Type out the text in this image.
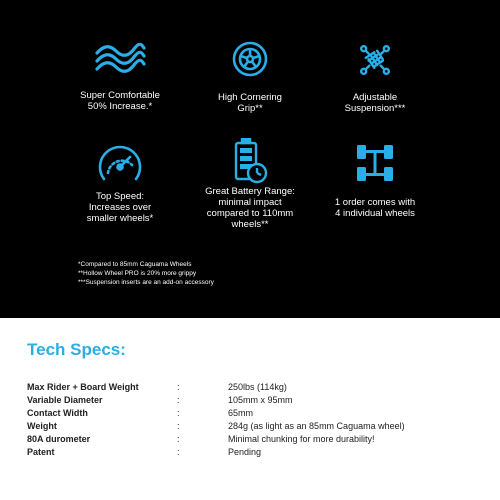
Super Comfortable
50% Increase.*
High Cornering
Grip**
Adjustable
Suspension***
Top Speed:
Increases over
smaller wheels*
Great Battery Range:
minimal impact
compared to 110mm
wheels**
1 order comes with
4 individual wheels
*Compared to 85mm Caguama Wheels
**Hollow Wheel PRO is 20% more grippy
***Suspension inserts are an add-on accessory
Tech Specs:
Max Rider + Board Weight	:	250lbs (114kg)
Variable Diameter	:	105mm x 95mm
Contact Width	:	65mm
Weight	:	284g (as light as an 85mm Caguama wheel)
80A durometer	:	Minimal chunking for more durability!
Patent	:	Pending
